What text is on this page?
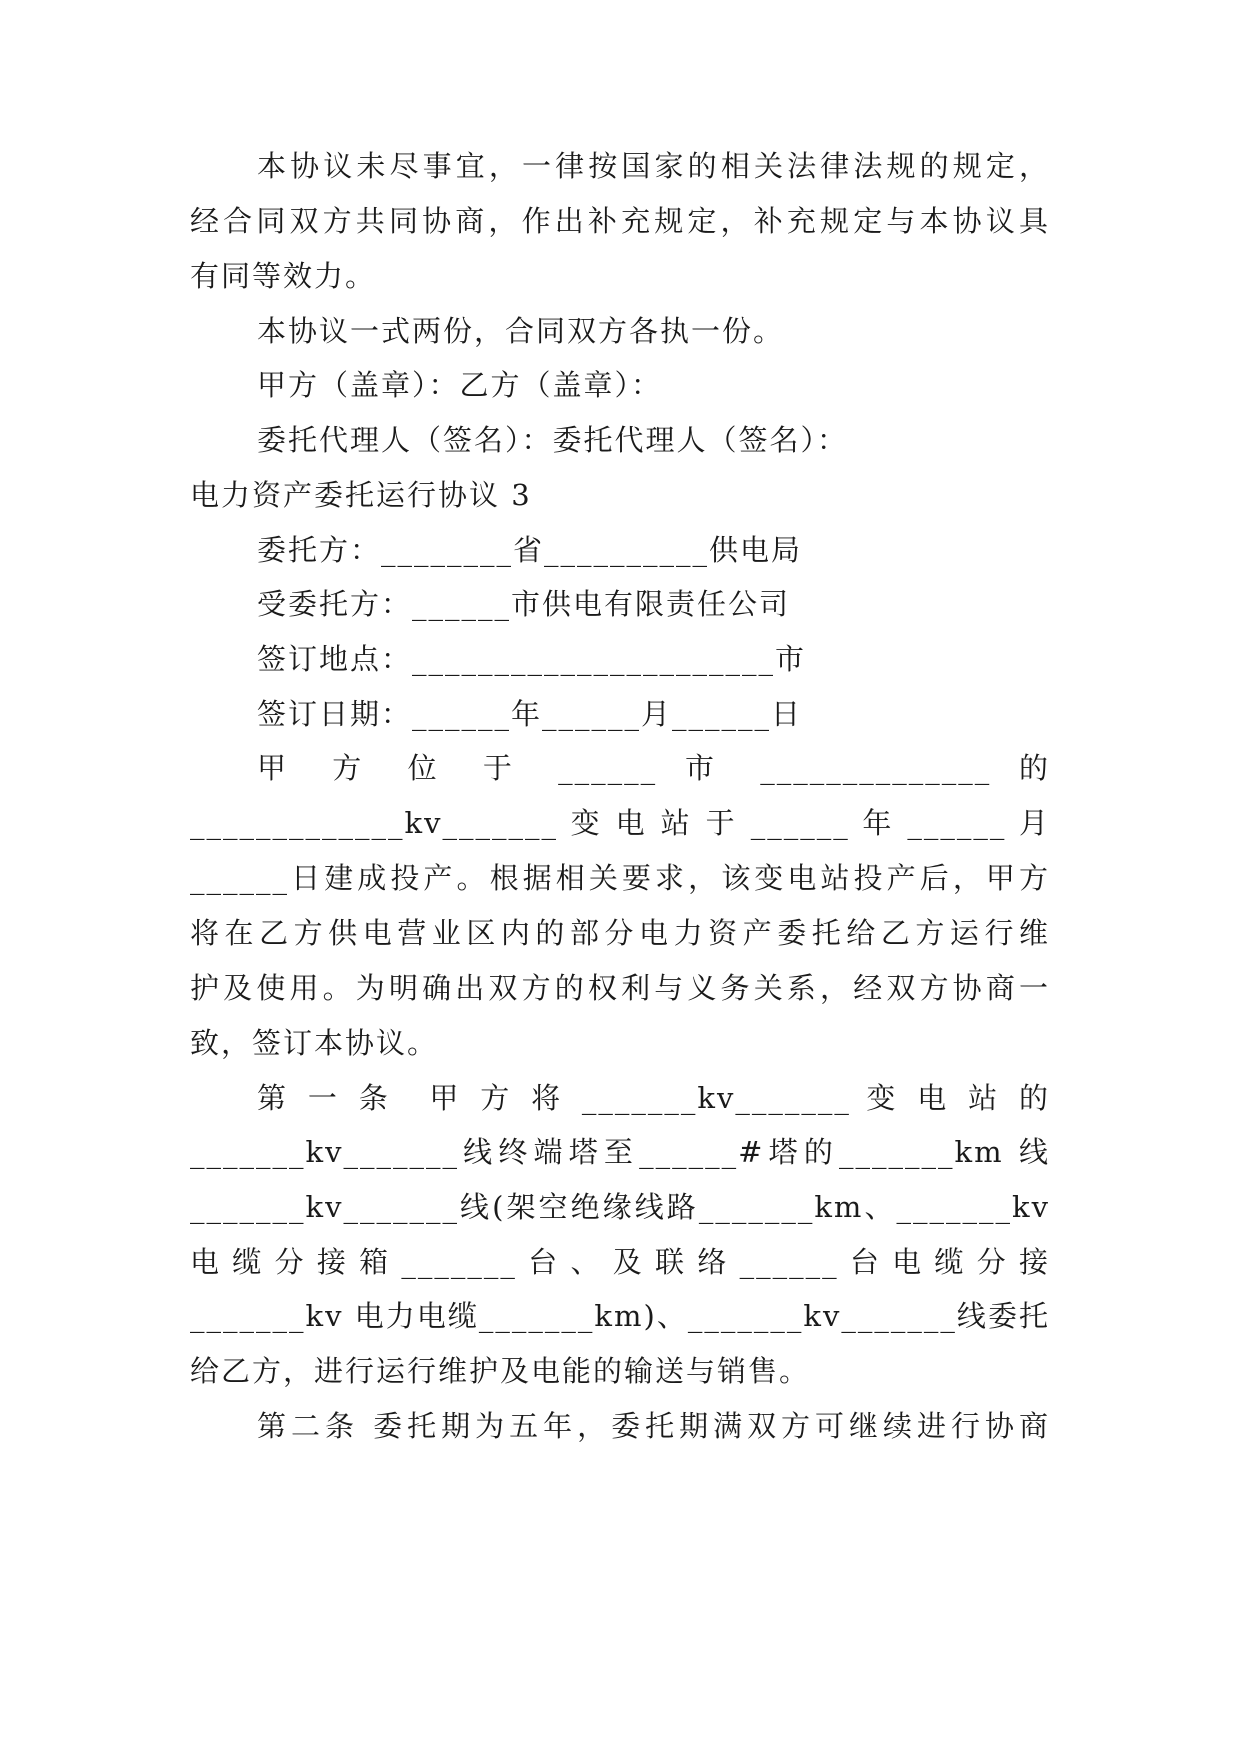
本协议未尽事宜，一律按国家的相关法律法规的规定，
经合同双方共同协商，作出补充规定，补充规定与本协议具
有同等效力。
本协议一式两份，合同双方各执一份。
甲方（盖章）：乙方（盖章）：
委托代理人（签名）：委托代理人（签名）：
电力资产委托运行协议 3
委托方：________省__________供电局
受委托方：______市供电有限责任公司
签订地点：______________________市
签订日期：______年______月______日
甲 方 位 于 ______ 市 ______________ 的
_____________kv_______ 变 电 站 于 ______ 年 ______ 月
______日建成投产。根据相关要求，该变电站投产后，甲方
将在乙方供电营业区内的部分电力资产委托给乙方运行维
护及使用。为明确出双方的权利与义务关系，经双方协商一
致，签订本协议。
第 一 条　甲 方 将 _______kv_______ 变 电 站 的
_______kv_______线终端塔至______#塔的_______km 线
_______kv_______线(架空绝缘线路_______km、_______kv
电 缆 分 接 箱 _______ 台 、 及 联 络 ______ 台 电 缆 分 接
_______kv 电力电缆_______km)、_______kv_______线委托
给乙方，进行运行维护及电能的输送与销售。
第二条 委托期为五年，委托期满双方可继续进行协商
